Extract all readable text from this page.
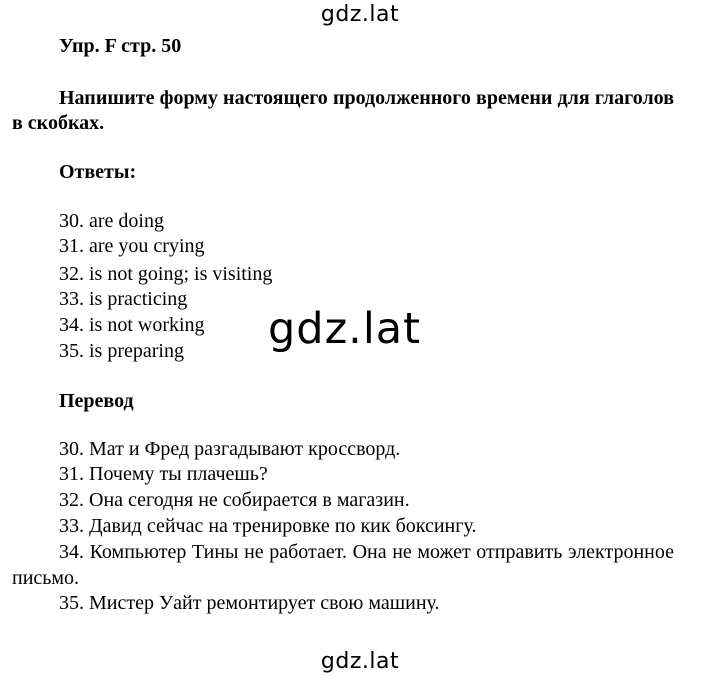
gdz.lat
Упр. F стр. 50
Напишите форму настоящего продолженного времени для глаголов в скобках.
Ответы:
30. are doing
31. are you crying
32. is not going; is visiting
33. is practicing
34. is not working
35. is preparing gdz.lat
Перевод
30. Мат и Фред разгадывают кроссворд.
31. Почему ты плачешь?
32. Она сегодня не собирается в магазин.
33. Давид сейчас на тренировке по кик боксингу.
34. Компьютер Тины не работает. Она не может отправить электронное письмо.
35. Мистер Уайт ремонтирует свою машину.
gdz.lat
